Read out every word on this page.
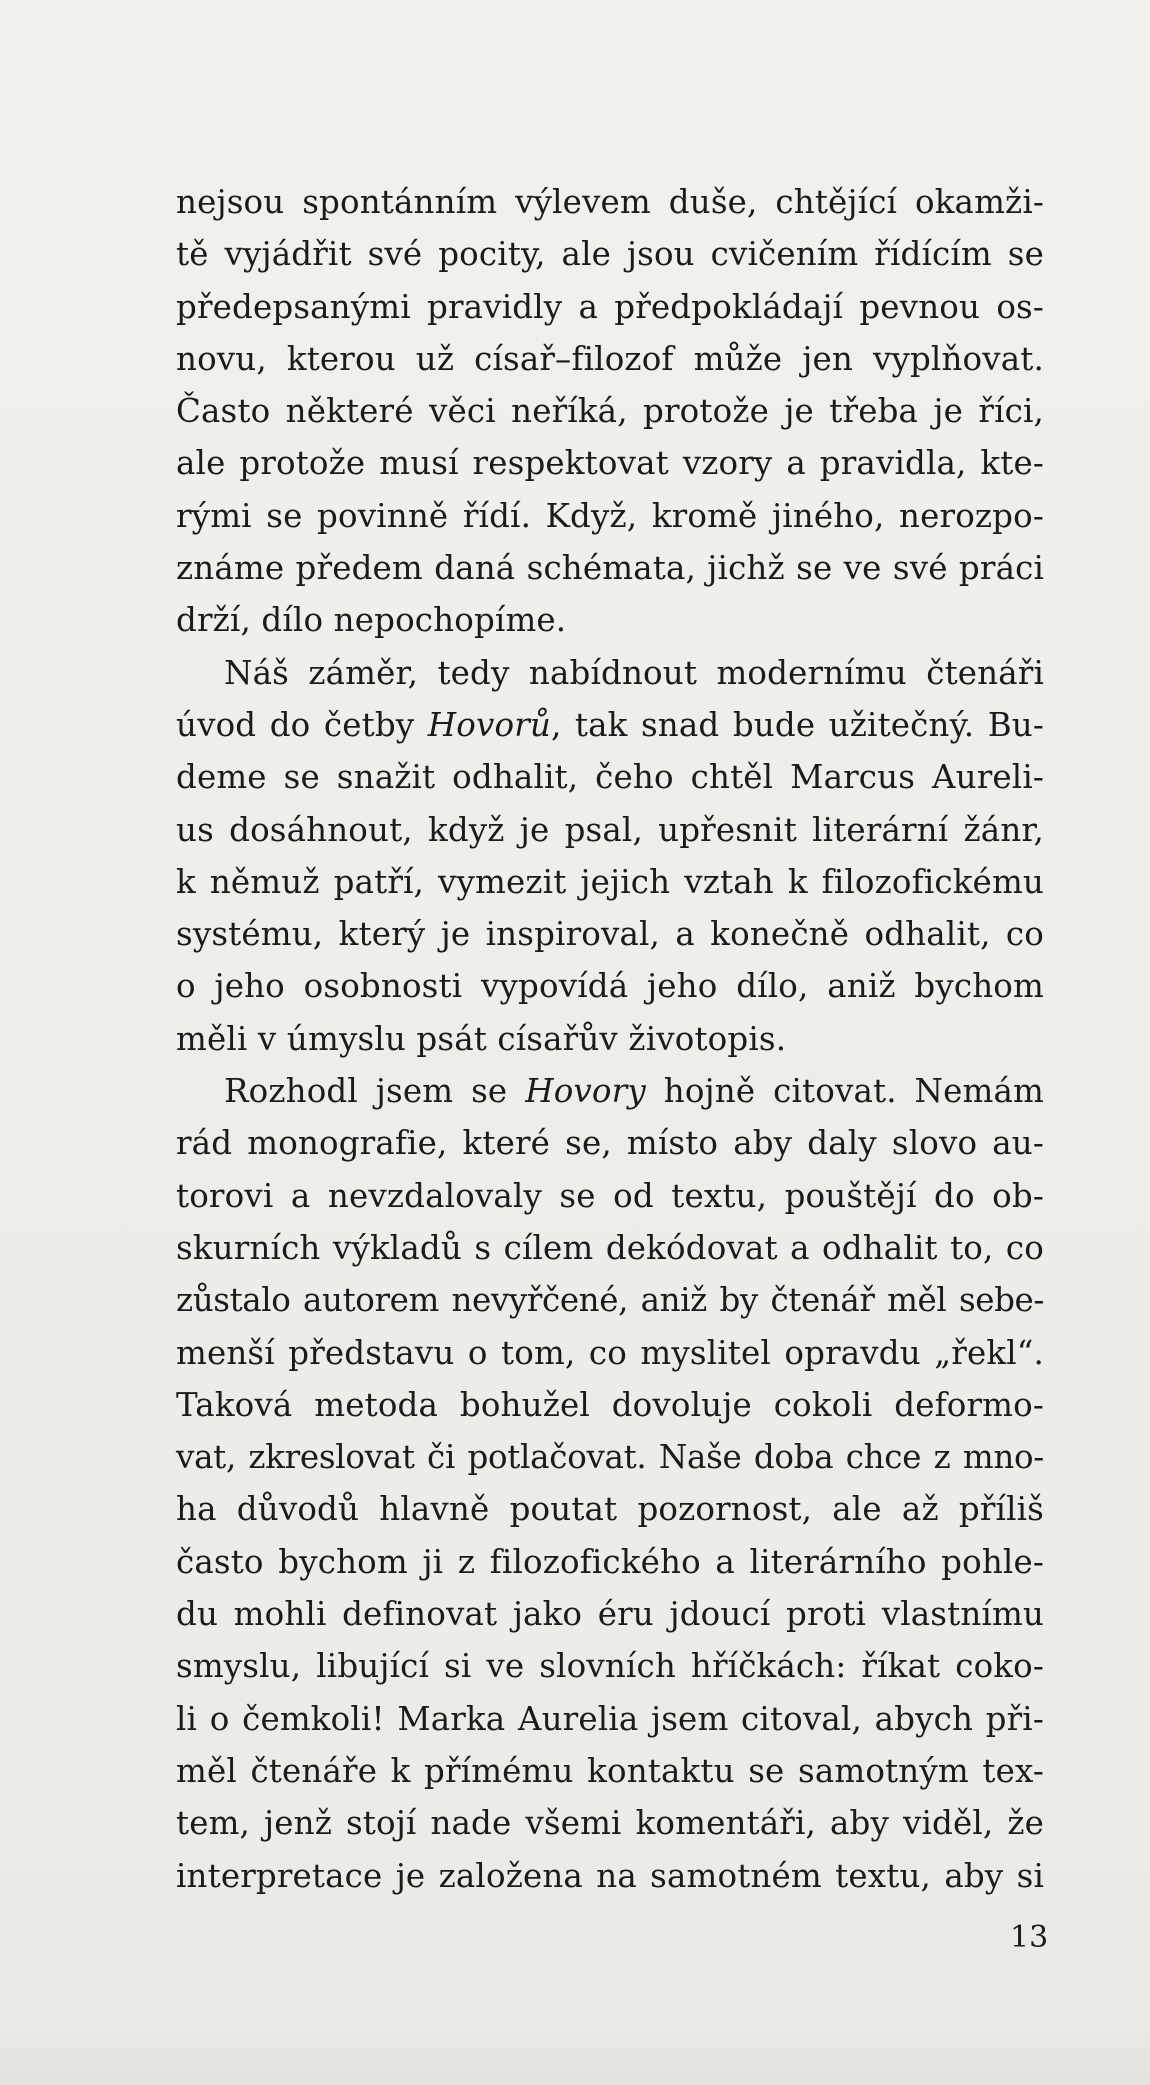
nejsou spontánním výlevem duše, chtějící okamži-
tě vyjádřit své pocity, ale jsou cvičením řídícím se
předepsanými pravidly a předpokládají pevnou os-
novu, kterou už císař–filozof může jen vyplňovat.
Často některé věci neříká, protože je třeba je říci,
ale protože musí respektovat vzory a pravidla, kte-
rými se povinně řídí. Když, kromě jiného, nerozpo-
známe předem daná schémata, jichž se ve své práci
drží, dílo nepochopíme.
Náš záměr, tedy nabídnout modernímu čtenáři
úvod do četby Hovorů, tak snad bude užitečný. Bu-
deme se snažit odhalit, čeho chtěl Marcus Aureli-
us dosáhnout, když je psal, upřesnit literární žánr,
k němuž patří, vymezit jejich vztah k filozofickému
systému, který je inspiroval, a konečně odhalit, co
o jeho osobnosti vypovídá jeho dílo, aniž bychom
měli v úmyslu psát císařův životopis.
Rozhodl jsem se Hovory hojně citovat. Nemám
rád monografie, které se, místo aby daly slovo au-
torovi a nevzdalovaly se od textu, pouštějí do ob-
skurních výkladů s cílem dekódovat a odhalit to, co
zůstalo autorem nevyřčené, aniž by čtenář měl sebe-
menší představu o tom, co myslitel opravdu „řekl“.
Taková metoda bohužel dovoluje cokoli deformo-
vat, zkreslovat či potlačovat. Naše doba chce z mno-
ha důvodů hlavně poutat pozornost, ale až příliš
často bychom ji z filozofického a literárního pohle-
du mohli definovat jako éru jdoucí proti vlastnímu
smyslu, libující si ve slovních hříčkách: říkat coko-
li o čemkoli! Marka Aurelia jsem citoval, abych při-
měl čtenáře k přímému kontaktu se samotným tex-
tem, jenž stojí nade všemi komentáři, aby viděl, že
interpretace je založena na samotném textu, aby si
13
